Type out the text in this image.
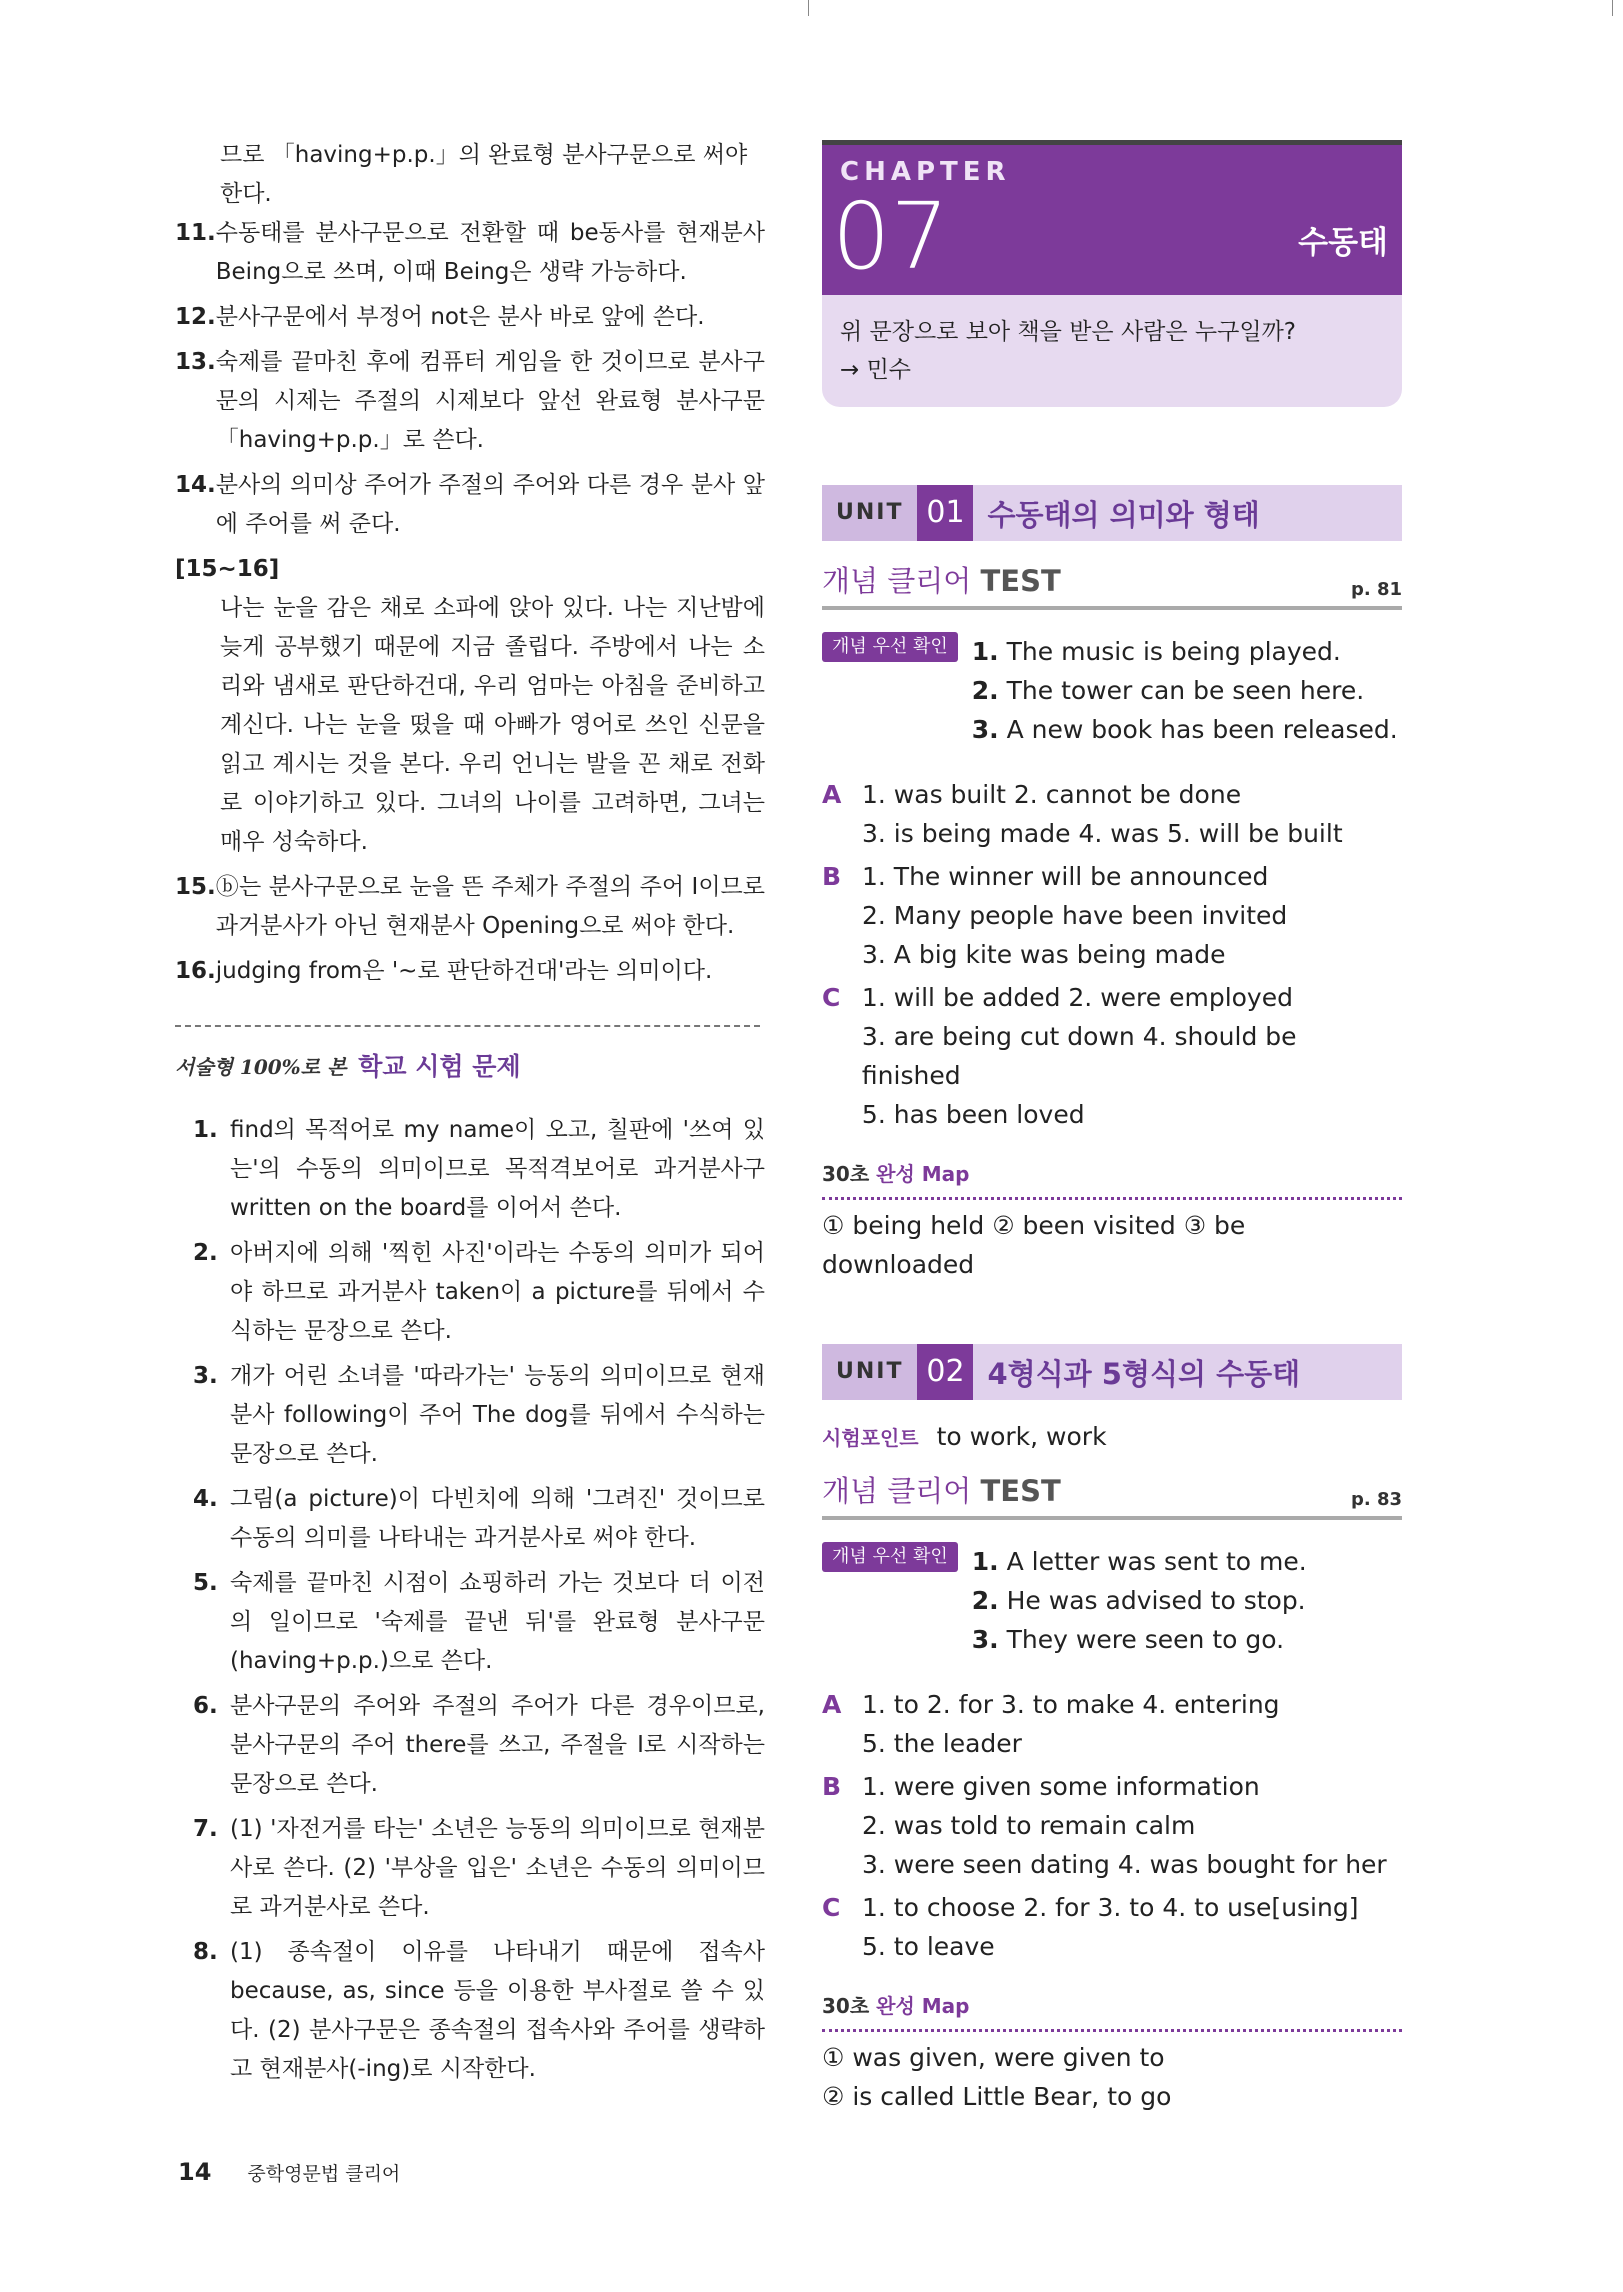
므로 「having+p.p.」의 완료형 분사구문으로 써야 한다.
11. 수동태를 분사구문으로 전환할 때 be동사를 현재분사 Being으로 쓰며, 이때 Being은 생략 가능하다.
12. 분사구문에서 부정어 not은 분사 바로 앞에 쓴다.
13. 숙제를 끝마친 후에 컴퓨터 게임을 한 것이므로 분사구문의 시제는 주절의 시제보다 앞선 완료형 분사구문 「having+p.p.」로 쓴다.
14. 분사의 의미상 주어가 주절의 주어와 다른 경우 분사 앞에 주어를 써 준다.
[15~16]
나는 눈을 감은 채로 소파에 앉아 있다. 나는 지난밤에 늦게 공부했기 때문에 지금 졸립다. 주방에서 나는 소리와 냄새로 판단하건대, 우리 엄마는 아침을 준비하고 계신다. 나는 눈을 떴을 때 아빠가 영어로 쓰인 신문을 읽고 계시는 것을 본다. 우리 언니는 발을 꼰 채로 전화로 이야기하고 있다. 그녀의 나이를 고려하면, 그녀는 매우 성숙하다.
15. ⓑ는 분사구문으로 눈을 뜬 주체가 주절의 주어 I이므로 과거분사가 아닌 현재분사 Opening으로 써야 한다.
16. judging from은 '~로 판단하건대'라는 의미이다.
서술형 100%로 본 학교 시험 문제
1. find의 목적어로 my name이 오고, 칠판에 '쓰여 있는'의 수동의 의미이므로 목적격보어로 과거분사구 written on the board를 이어서 쓴다.
2. 아버지에 의해 '찍힌 사진'이라는 수동의 의미가 되어야 하므로 과거분사 taken이 a picture를 뒤에서 수식하는 문장으로 쓴다.
3. 개가 어린 소녀를 '따라가는' 능동의 의미이므로 현재분사 following이 주어 The dog를 뒤에서 수식하는 문장으로 쓴다.
4. 그림(a picture)이 다빈치에 의해 '그려진' 것이므로 수동의 의미를 나타내는 과거분사로 써야 한다.
5. 숙제를 끝마친 시점이 쇼핑하러 가는 것보다 더 이전의 일이므로 '숙제를 끝낸 뒤'를 완료형 분사구문(having+p.p.)으로 쓴다.
6. 분사구문의 주어와 주절의 주어가 다른 경우이므로, 분사구문의 주어 there를 쓰고, 주절을 I로 시작하는 문장으로 쓴다.
7. (1) '자전거를 타는' 소년은 능동의 의미이므로 현재분사로 쓴다. (2) '부상을 입은' 소년은 수동의 의미이므로 과거분사로 쓴다.
8. (1) 종속절이 이유를 나타내기 때문에 접속사 because, as, since 등을 이용한 부사절로 쓸 수 있다. (2) 분사구문은 종속절의 접속사와 주어를 생략하고 현재분사(-ing)로 시작한다.
CHAPTER
07	수동태
위 문장으로 보아 책을 받은 사람은 누구일까?
→ 민수
UNIT 01 수동태의 의미와 형태
개념 클리어 TEST	p. 81
개념 우선 확인 1. The music is being played.
2. The tower can be seen here.
3. A new book has been released.
A 1. was built 2. cannot be done
3. is being made 4. was 5. will be built
B 1. The winner will be announced
2. Many people have been invited
3. A big kite was being made
C 1. will be added 2. were employed
3. are being cut down 4. should be finished
5. has been loved
30초 완성 Map
① being held ② been visited ③ be downloaded
UNIT 02 4형식과 5형식의 수동태
시험포인트 to work, work
개념 클리어 TEST	p. 83
개념 우선 확인 1. A letter was sent to me.
2. He was advised to stop.
3. They were seen to go.
A 1. to 2. for 3. to make 4. entering
5. the leader
B 1. were given some information
2. was told to remain calm
3. were seen dating 4. was bought for her
C 1. to choose 2. for 3. to 4. to use[using]
5. to leave
30초 완성 Map
① was given, were given to
② is called Little Bear, to go
14 중학영문법 클리어
